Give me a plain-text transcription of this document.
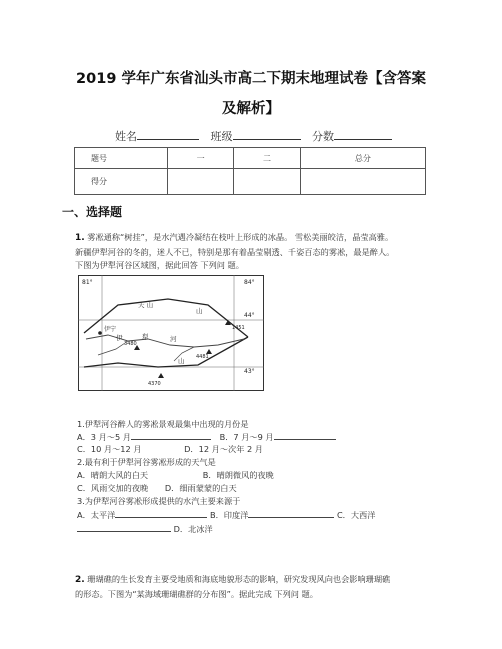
2019 学年广东省汕头市高二下期末地理试卷【含答案
及解析】
姓名	班级	分数
题号	一	二	总分
得分			
一、选择题
1. 雾凇通称“树挂”，是水汽遇冷凝结在枝叶上形成的冰晶。 雪松美丽皎洁，晶莹高雅。
新疆伊犁河谷的冬韵，迷人不已，特别是那有着晶莹剔透、千姿百态的雾凇，最是醉人。
下图为伊犁河谷区域图，据此回答 下列问 题。
81°	84°
44°
43°
天 山
山
伊宁
伊	犁	河
山
1451
3480
4481
4370
1.伊犁河谷醉人的雾凇景观最集中出现的月份是
A．3 月～5 月	B．7 月～9 月
C．10 月～12 月	D．12 月～次年 2 月
2.最有利于伊犁河谷雾凇形成的天气是
A．晴朗大风的白天	B．晴朗微风的夜晚
C．风雨交加的夜晚 D．细雨蒙蒙的白天
3.为伊犁河谷雾凇形成提供的水汽主要来源于
A．太平洋	B．印度洋	C．大西洋
D．北冰洋
2. 珊瑚礁的生长发育主要受地质和海底地貌形态的影响，研究发现风向也会影响珊瑚礁
的形态。下图为“某海域珊瑚礁群的分布图”。据此完成 下列问 题。
